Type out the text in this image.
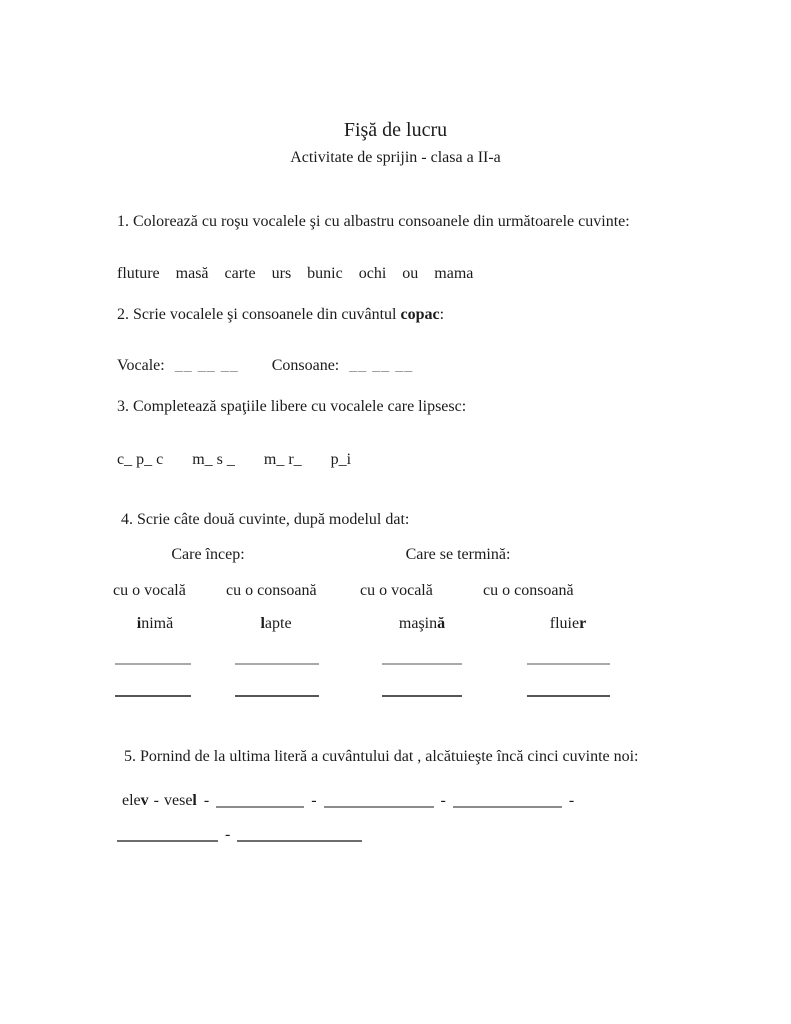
Fişă de lucru
Activitate de sprijin - clasa a II-a
1. Colorează cu roşu vocalele şi cu albastru consoanele din următoarele cuvinte:
fluture masă carte urs bunic ochi ou mama
2. Scrie vocalele şi consoanele din cuvântul copac:
Vocale: __ __ __ Consoane: __ __ __
3. Completează spaţiile libere cu vocalele care lipsesc:
c_ p_ c m_ s _ m_ r_ p_i
4. Scrie câte două cuvinte, după modelul dat:
Care încep:	Care se termină:
cu o vocală	cu o consoană	cu o vocală	cu o consoană
inimă	lapte	maşină	fluier
5. Pornind de la ultima literă a cuvântului dat , alcătuieşte încă cinci cuvinte noi:
elev - vesel -	-	-	-
-
